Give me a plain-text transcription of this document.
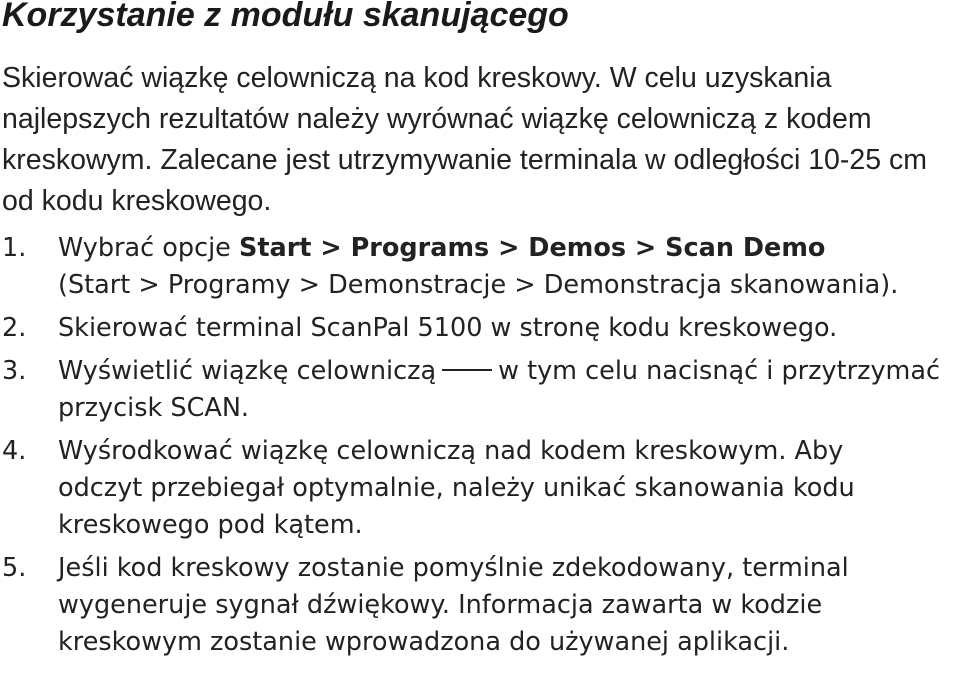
Korzystanie z modułu skanującego

Skierować wiązkę celowniczą na kod kreskowy. W celu uzyskania
najlepszych rezultatów należy wyrównać wiązkę celowniczą z kodem
kreskowym. Zalecane jest utrzymywanie terminala w odległości 10-25 cm
od kodu kreskowego.

1. Wybrać opcje Start > Programs > Demos > Scan Demo
(Start > Programy > Demonstracje > Demonstracja skanowania).
2. Skierować terminal ScanPal 5100 w stronę kodu kreskowego.
3. Wyświetlić wiązkę celowniczą w tym celu nacisnąć i przytrzymać
przycisk SCAN.
4. Wyśrodkować wiązkę celowniczą nad kodem kreskowym. Aby
odczyt przebiegał optymalnie, należy unikać skanowania kodu
kreskowego pod kątem.
5. Jeśli kod kreskowy zostanie pomyślnie zdekodowany, terminal
wygeneruje sygnał dźwiękowy. Informacja zawarta w kodzie
kreskowym zostanie wprowadzona do używanej aplikacji.
